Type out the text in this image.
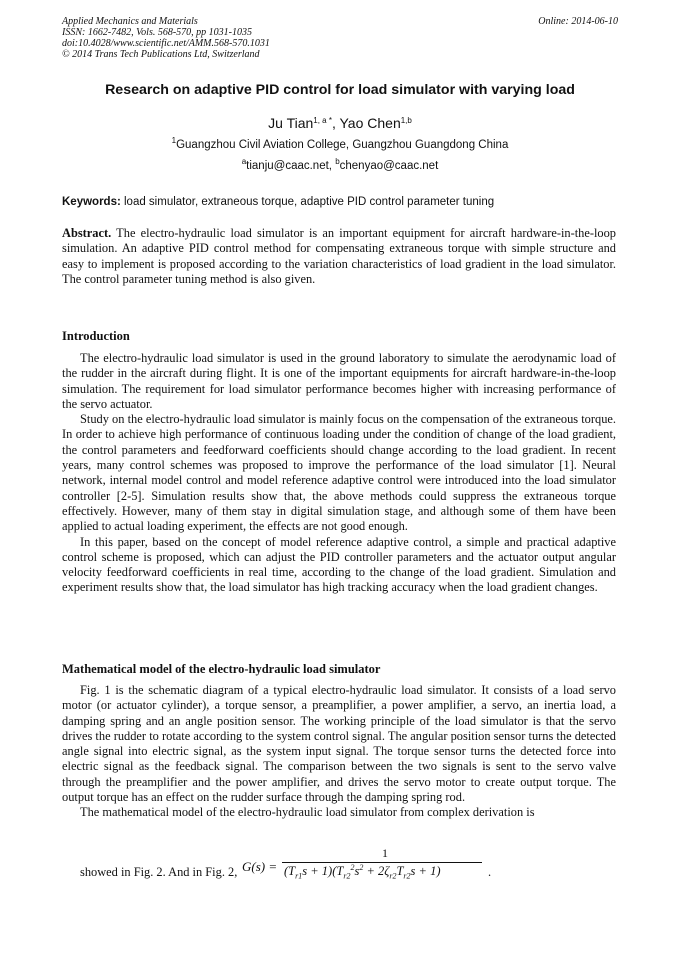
Applied Mechanics and Materials
ISSN: 1662-7482, Vols. 568-570, pp 1031-1035
doi:10.4028/www.scientific.net/AMM.568-570.1031
© 2014 Trans Tech Publications Ltd, Switzerland
Online: 2014-06-10
Research on adaptive PID control for load simulator with varying load
Ju Tian$^{1, a *}$, Yao Chen$^{1,b}$
$^1$Guangzhou Civil Aviation College, Guangzhou Guangdong China
$^a$tianju@caac.net, $^b$chenyao@caac.net
Keywords: load simulator, extraneous torque, adaptive PID control parameter tuning

Abstract. The electro-hydraulic load simulator is an important equipment for aircraft hardware-in-the-loop simulation. An adaptive PID control method for compensating extraneous torque with simple structure and easy to implement is proposed according to the variation characteristics of load gradient in the load simulator. The control parameter tuning method is also given.

Introduction

The electro-hydraulic load simulator is used in the ground laboratory to simulate the aerodynamic load of the rudder in the aircraft during flight. It is one of the important equipments for aircraft hardware-in-the-loop simulation. The requirement for load simulator performance becomes higher with increasing performance of the servo actuator.

Study on the electro-hydraulic load simulator is mainly focus on the compensation of the extraneous torque. In order to achieve high performance of continuous loading under the condition of change of the load gradient, the control parameters and feedforward coefficients should change according to the load gradient. In recent years, many control schemes was proposed to improve the performance of the load simulator [1]. Neural network, internal model control and model reference adaptive control were introduced into the load simulator controller [2-5]. Simulation results show that, the above methods could suppress the extraneous torque effectively. However, many of them stay in digital simulation stage, and although some of them have been applied to actual loading experiment, the effects are not good enough.

In this paper, based on the concept of model reference adaptive control, a simple and practical adaptive control scheme is proposed, which can adjust the PID controller parameters and the actuator output angular velocity feedforward coefficients in real time, according to the change of the load gradient. Simulation and experiment results show that, the load simulator has high tracking accuracy when the load gradient changes.

Mathematical model of the electro-hydraulic load simulator

Fig. 1 is the schematic diagram of a typical electro-hydraulic load simulator. It consists of a load servo motor (or actuator cylinder), a torque sensor, a preamplifier, a power amplifier, a servo, an inertia load, a damping spring and an angle position sensor. The working principle of the load simulator is that the servo drives the rudder to rotate according to the system control signal. The angular position sensor turns the detected angle signal into electric signal, as the system input signal. The torque sensor turns the detected force into electric signal as the feedback signal. The comparison between the two signals is sent to the servo valve through the preamplifier and the power amplifier, and drives the servo motor to create output torque. The output torque has an effect on the rudder surface through the damping spring rod.

The mathematical model of the electro-hydraulic load simulator from complex derivation is

showed in Fig. 2. And in Fig. 2, G(s) =
1
$(T_{r1}s + 1)(T_{r2}^2s^2 + 2\zeta_{r2}T_{r2}s + 1)$	.
